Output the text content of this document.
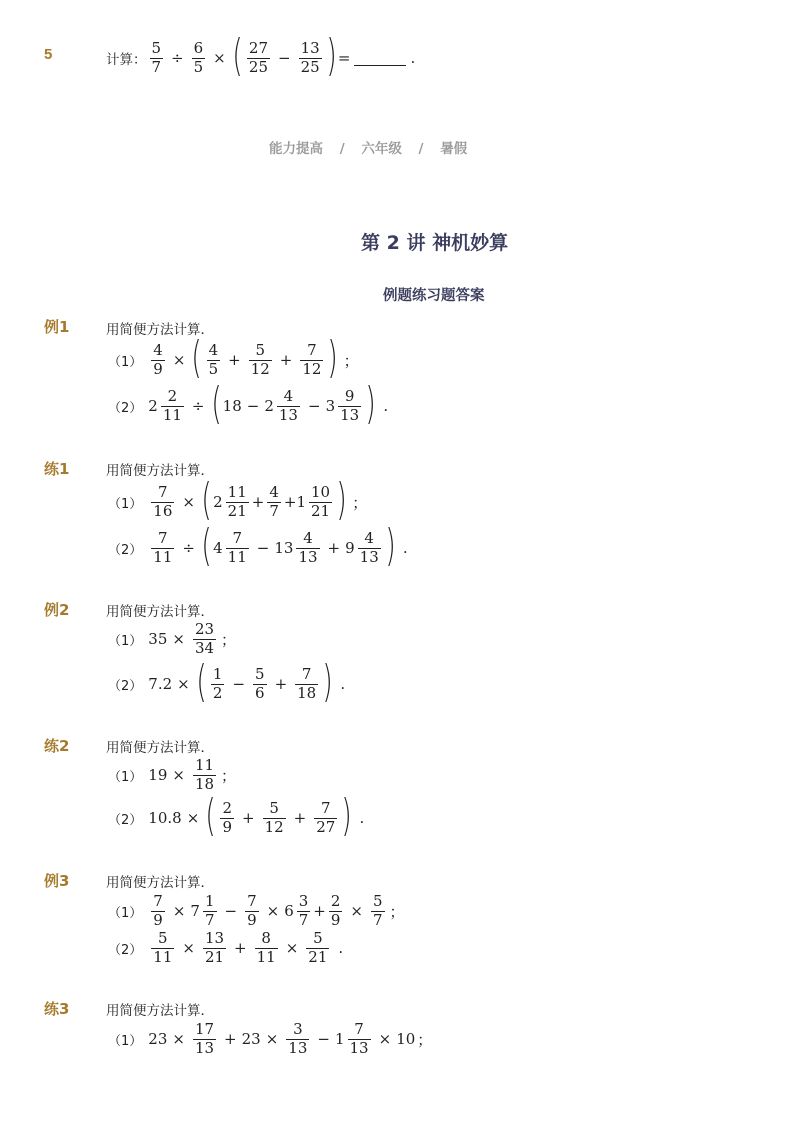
5	计算： $\frac{5}{7} \div \frac{6}{5}$ × ( $\frac{27}{25} - \frac{13}{25}$ ) =	.
能力提高 / 六年级 / 暑假
第 2 讲 神机妙算
例题练习题答案
例1	用简便方法计算．
$(1) \frac{4}{9}$ × ( $\frac{4}{5} + \frac{5}{12} + \frac{7}{12}$ ) ；
（2） $2 \frac{2}{11}$ ÷ ( $18 - 2 \frac{4}{13} - 3 \frac{9}{13}$ ) .
练1	用简便方法计算．
$(1) \frac{7}{16}$ × ( $2 \frac{11}{21} + \frac{4}{7} +1 \frac{10}{21}$ ) ；
$(2) \frac{7}{11}$ ÷ ( $4 \frac{7}{11} - 13 \frac{4}{13} + 9 \frac{4}{13}$ ) .
例2	用简便方法计算．
（1） $35 \times \frac{23}{34}$ ；
（2） 7.2 × ( $\frac{1}{2} - \frac{5}{6} + \frac{7}{18}$ ) .
练2	用简便方法计算．
（1） $19 \times \frac{11}{18}$ ；
（2） 10.8 × ( $\frac{2}{9} + \frac{5}{12} + \frac{7}{27}$ ) .
例3	用简便方法计算．
$(1) \frac{7}{9} \times 7 \frac{1}{7} - \frac{7}{9} \times 6 \frac{3}{7} + \frac{2}{9} \times \frac{5}{7}$ ；
$(2) \frac{5}{11} \times \frac{13}{21} + \frac{8}{11} \times \frac{5}{21}$ .
练3	用简便方法计算．
（1） $23 \times \frac{17}{13} + 23 \times \frac{3}{13} - 1 \frac{7}{13} \times 10$ ；
